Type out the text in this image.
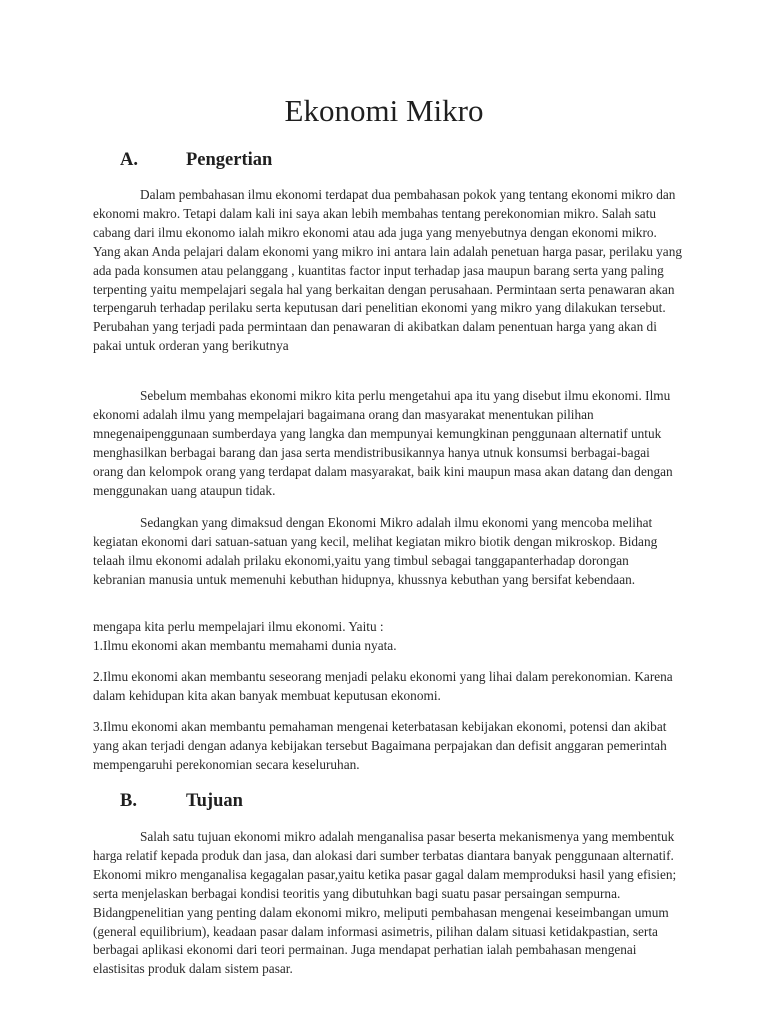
Ekonomi Mikro
A.	Pengertian

Dalam pembahasan ilmu ekonomi terdapat dua pembahasan pokok yang tentang ekonomi mikro dan ekonomi makro. Tetapi dalam kali ini saya akan lebih membahas tentang perekonomian mikro. Salah satu cabang dari ilmu ekonomo ialah mikro ekonomi atau ada juga yang menyebutnya dengan ekonomi mikro. Yang akan Anda pelajari dalam ekonomi yang mikro ini antara lain adalah penetuan harga pasar, perilaku yang ada pada konsumen atau pelanggang , kuantitas factor input terhadap jasa maupun barang serta yang paling terpenting yaitu mempelajari segala hal yang berkaitan dengan perusahaan. Permintaan serta penawaran akan terpengaruh terhadap perilaku serta keputusan dari penelitian ekonomi yang mikro yang dilakukan tersebut. Perubahan yang terjadi pada permintaan dan penawaran di akibatkan dalam penentuan harga yang akan di pakai untuk orderan yang berikutnya

Sebelum membahas ekonomi mikro kita perlu mengetahui apa itu yang disebut ilmu ekonomi. Ilmu ekonomi adalah ilmu yang mempelajari bagaimana orang dan masyarakat menentukan pilihan mnegenaipenggunaan sumberdaya yang langka dan mempunyai kemungkinan penggunaan alternatif untuk menghasilkan berbagai barang dan jasa serta mendistribusikannya hanya utnuk konsumsi berbagai-bagai orang dan kelompok orang yang terdapat dalam masyarakat, baik kini maupun masa akan datang dan dengan menggunakan uang ataupun tidak.

Sedangkan yang dimaksud dengan Ekonomi Mikro adalah ilmu ekonomi yang mencoba melihat kegiatan ekonomi dari satuan-satuan yang kecil, melihat kegiatan mikro biotik dengan mikroskop. Bidang telaah ilmu ekonomi adalah prilaku ekonomi,yaitu yang timbul sebagai tanggapanterhadap dorongan kebranian manusia untuk memenuhi kebuthan hidupnya, khussnya kebuthan yang bersifat kebendaan.

mengapa kita perlu mempelajari ilmu ekonomi. Yaitu :

1.Ilmu ekonomi akan membantu memahami dunia nyata.

2.Ilmu ekonomi akan membantu seseorang menjadi pelaku ekonomi yang lihai dalam perekonomian. Karena dalam kehidupan kita akan banyak membuat keputusan ekonomi.

3.Ilmu ekonomi akan membantu pemahaman mengenai keterbatasan kebijakan ekonomi, potensi dan akibat yang akan terjadi dengan adanya kebijakan tersebut Bagaimana perpajakan dan defisit anggaran pemerintah mempengaruhi perekonomian secara keseluruhan.

B.	Tujuan

Salah satu tujuan ekonomi mikro adalah menganalisa pasar beserta mekanismenya yang membentuk harga relatif kepada produk dan jasa, dan alokasi dari sumber terbatas diantara banyak penggunaan alternatif. Ekonomi mikro menganalisa kegagalan pasar,yaitu ketika pasar gagal dalam memproduksi hasil yang efisien; serta menjelaskan berbagai kondisi teoritis yang dibutuhkan bagi suatu pasar persaingan sempurna. Bidangpenelitian yang penting dalam ekonomi mikro, meliputi pembahasan mengenai keseimbangan umum (general equilibrium), keadaan pasar dalam informasi asimetris, pilihan dalam situasi ketidakpastian, serta berbagai aplikasi ekonomi dari teori permainan. Juga mendapat perhatian ialah pembahasan mengenai elastisitas produk dalam sistem pasar.
